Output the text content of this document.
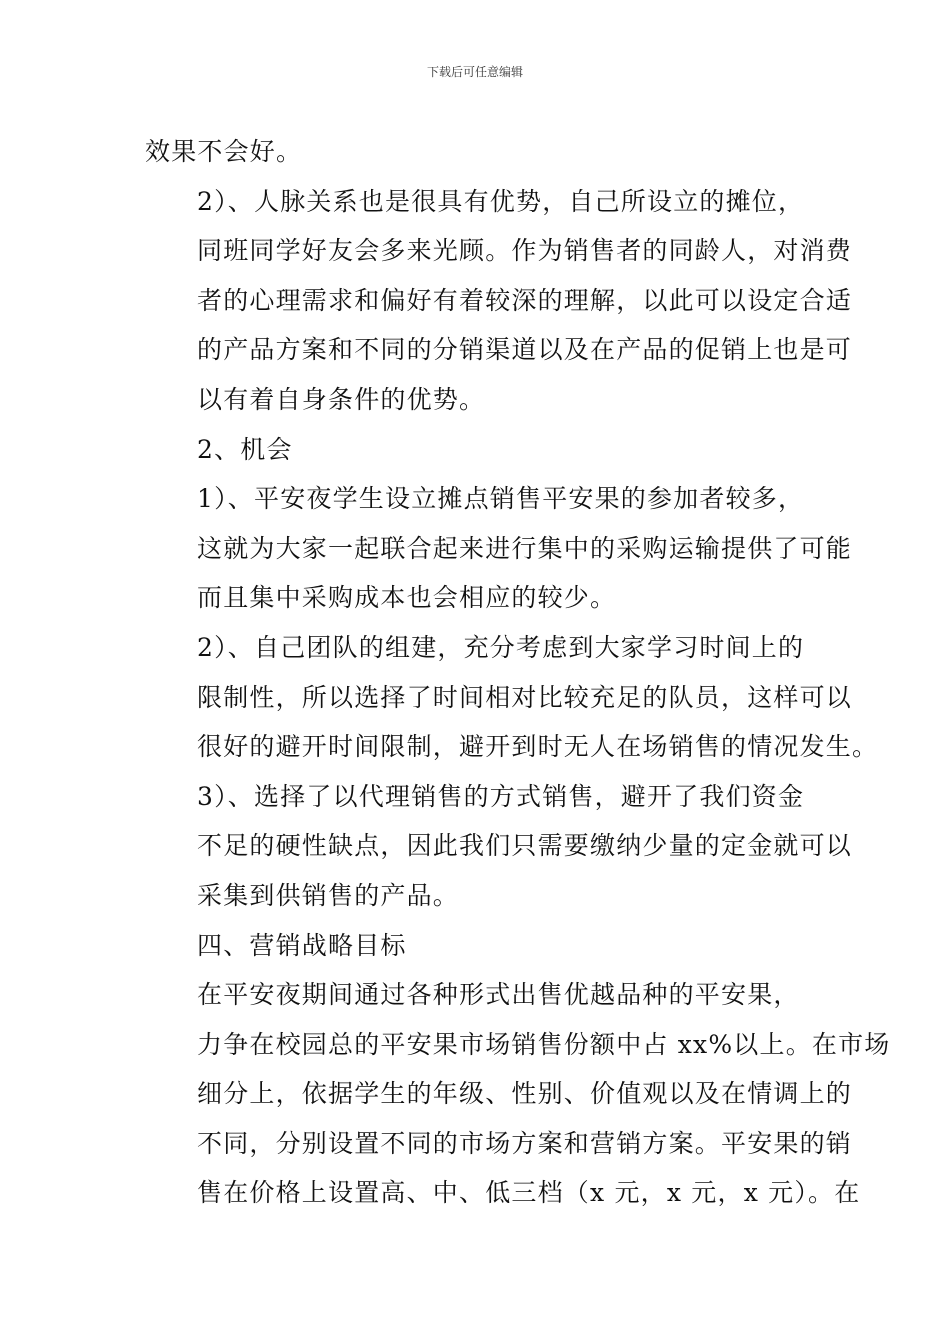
下载后可任意编辑

效果不会好。

2）、人脉关系也是很具有优势，自己所设立的摊位，
同班同学好友会多来光顾。作为销售者的同龄人，对消费
者的心理需求和偏好有着较深的理解，以此可以设定合适
的产品方案和不同的分销渠道以及在产品的促销上也是可
以有着自身条件的优势。

2、机会

1）、平安夜学生设立摊点销售平安果的参加者较多，
这就为大家一起联合起来进行集中的采购运输提供了可能
而且集中采购成本也会相应的较少。

2）、自己团队的组建，充分考虑到大家学习时间上的
限制性，所以选择了时间相对比较充足的队员，这样可以
很好的避开时间限制，避开到时无人在场销售的情况发生。

3）、选择了以代理销售的方式销售，避开了我们资金
不足的硬性缺点，因此我们只需要缴纳少量的定金就可以
采集到供销售的产品。

四、营销战略目标

在平安夜期间通过各种形式出售优越品种的平安果，
力争在校园总的平安果市场销售份额中占 xx%以上。在市场
细分上，依据学生的年级、性别、价值观以及在情调上的
不同，分别设置不同的市场方案和营销方案。平安果的销
售在价格上设置高、中、低三档（x 元，x 元，x 元）。在
